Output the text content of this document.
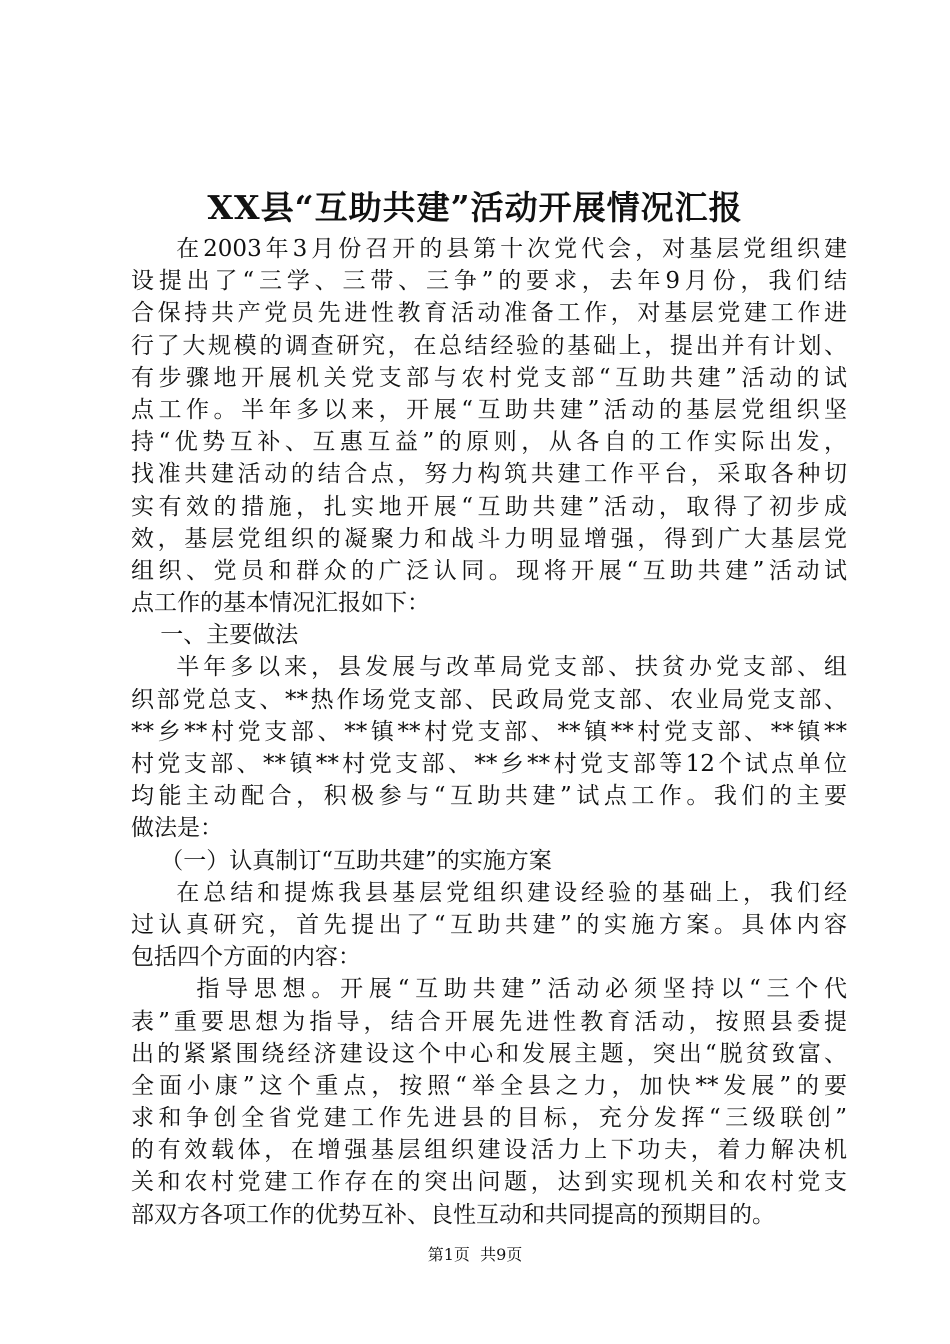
XX县“互助共建”活动开展情况汇报
在2003年3月份召开的县第十次党代会，对基层党组织建
设提出了“三学、三带、三争”的要求，去年9月份，我们结
合保持共产党员先进性教育活动准备工作，对基层党建工作进
行了大规模的调查研究，在总结经验的基础上，提出并有计划、
有步骤地开展机关党支部与农村党支部“互助共建”活动的试
点工作。半年多以来，开展“互助共建”活动的基层党组织坚
持“优势互补、互惠互益”的原则，从各自的工作实际出发，
找准共建活动的结合点，努力构筑共建工作平台，采取各种切
实有效的措施，扎实地开展“互助共建”活动，取得了初步成
效，基层党组织的凝聚力和战斗力明显增强，得到广大基层党
组织、党员和群众的广泛认同。现将开展“互助共建”活动试
点工作的基本情况汇报如下：
一、主要做法
半年多以来，县发展与改革局党支部、扶贫办党支部、组
织部党总支、**热作场党支部、民政局党支部、农业局党支部、
**乡**村党支部、**镇**村党支部、**镇**村党支部、**镇**
村党支部、**镇**村党支部、**乡**村党支部等12个试点单位
均能主动配合，积极参与“互助共建”试点工作。我们的主要
做法是：
（一）认真制订“互助共建”的实施方案
在总结和提炼我县基层党组织建设经验的基础上，我们经
过认真研究，首先提出了“互助共建”的实施方案。具体内容
包括四个方面的内容：
指导思想。开展“互助共建”活动必须坚持以“三个代
表”重要思想为指导，结合开展先进性教育活动，按照县委提
出的紧紧围绕经济建设这个中心和发展主题，突出“脱贫致富、
全面小康”这个重点，按照“举全县之力，加快**发展”的要
求和争创全省党建工作先进县的目标，充分发挥“三级联创”
的有效载体，在增强基层组织建设活力上下功夫，着力解决机
关和农村党建工作存在的突出问题，达到实现机关和农村党支
部双方各项工作的优势互补、良性互动和共同提高的预期目的。
第1页  共9页
